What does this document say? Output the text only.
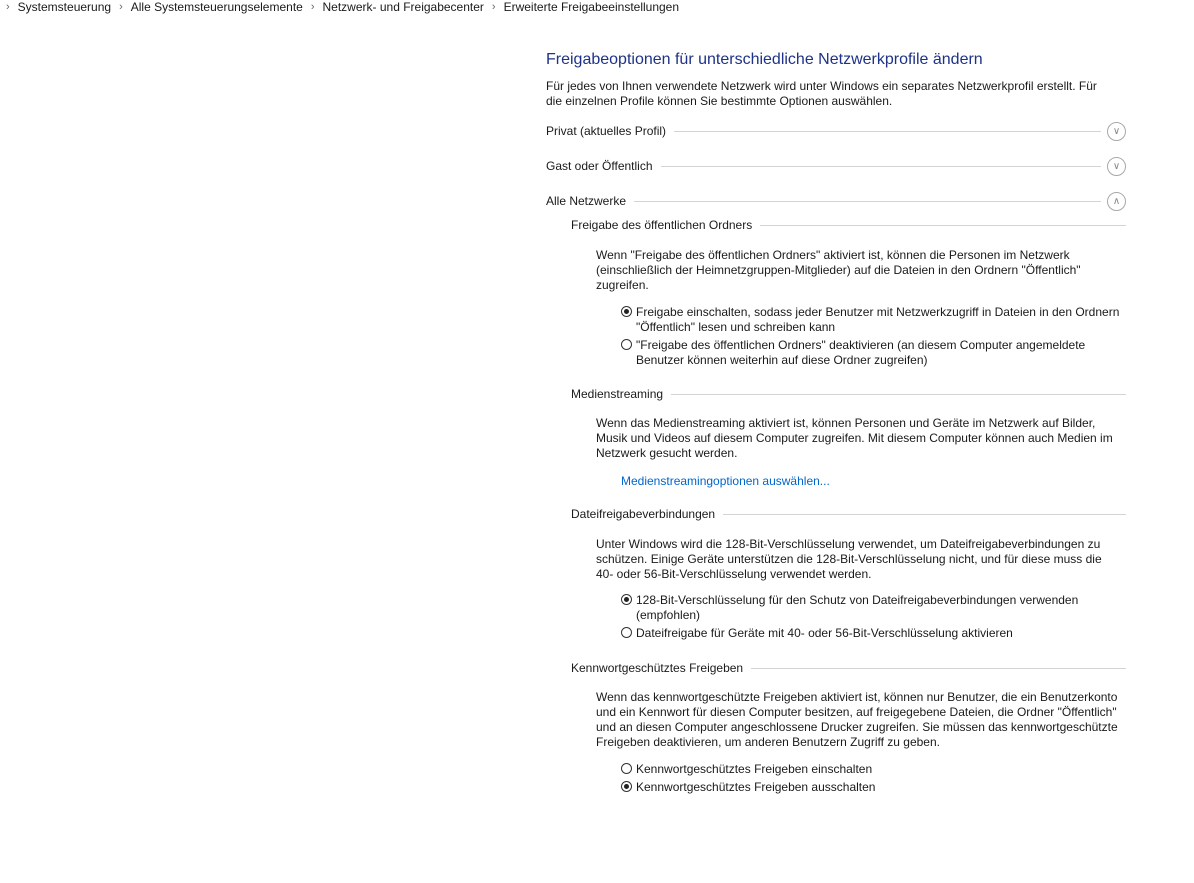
› Systemsteuerung › Alle Systemsteuerungselemente › Netzwerk- und Freigabecenter › Erweiterte Freigabeeinstellungen
Freigabeoptionen für unterschiedliche Netzwerkprofile ändern
Für jedes von Ihnen verwendete Netzwerk wird unter Windows ein separates Netzwerkprofil erstellt. Für die einzelnen Profile können Sie bestimmte Optionen auswählen.
Privat (aktuelles Profil)	∨
Gast oder Öffentlich	∨
Alle Netzwerke	∧
Freigabe des öffentlichen Ordners
Wenn "Freigabe des öffentlichen Ordners" aktiviert ist, können die Personen im Netzwerk (einschließlich der Heimnetzgruppen-Mitglieder) auf die Dateien in den Ordnern "Öffentlich" zugreifen.
Freigabe einschalten, sodass jeder Benutzer mit Netzwerkzugriff in Dateien in den Ordnern "Öffentlich" lesen und schreiben kann
"Freigabe des öffentlichen Ordners" deaktivieren (an diesem Computer angemeldete Benutzer können weiterhin auf diese Ordner zugreifen)
Medienstreaming
Wenn das Medienstreaming aktiviert ist, können Personen und Geräte im Netzwerk auf Bilder, Musik und Videos auf diesem Computer zugreifen. Mit diesem Computer können auch Medien im Netzwerk gesucht werden.
Medienstreamingoptionen auswählen...
Dateifreigabeverbindungen
Unter Windows wird die 128-Bit-Verschlüsselung verwendet, um Dateifreigabeverbindungen zu schützen. Einige Geräte unterstützen die 128-Bit-Verschlüsselung nicht, und für diese muss die 40- oder 56-Bit-Verschlüsselung verwendet werden.
128-Bit-Verschlüsselung für den Schutz von Dateifreigabeverbindungen verwenden (empfohlen)
Dateifreigabe für Geräte mit 40- oder 56-Bit-Verschlüsselung aktivieren
Kennwortgeschütztes Freigeben
Wenn das kennwortgeschützte Freigeben aktiviert ist, können nur Benutzer, die ein Benutzerkonto und ein Kennwort für diesen Computer besitzen, auf freigegebene Dateien, die Ordner "Öffentlich" und an diesen Computer angeschlossene Drucker zugreifen. Sie müssen das kennwortgeschützte Freigeben deaktivieren, um anderen Benutzern Zugriff zu geben.
Kennwortgeschütztes Freigeben einschalten
Kennwortgeschütztes Freigeben ausschalten
